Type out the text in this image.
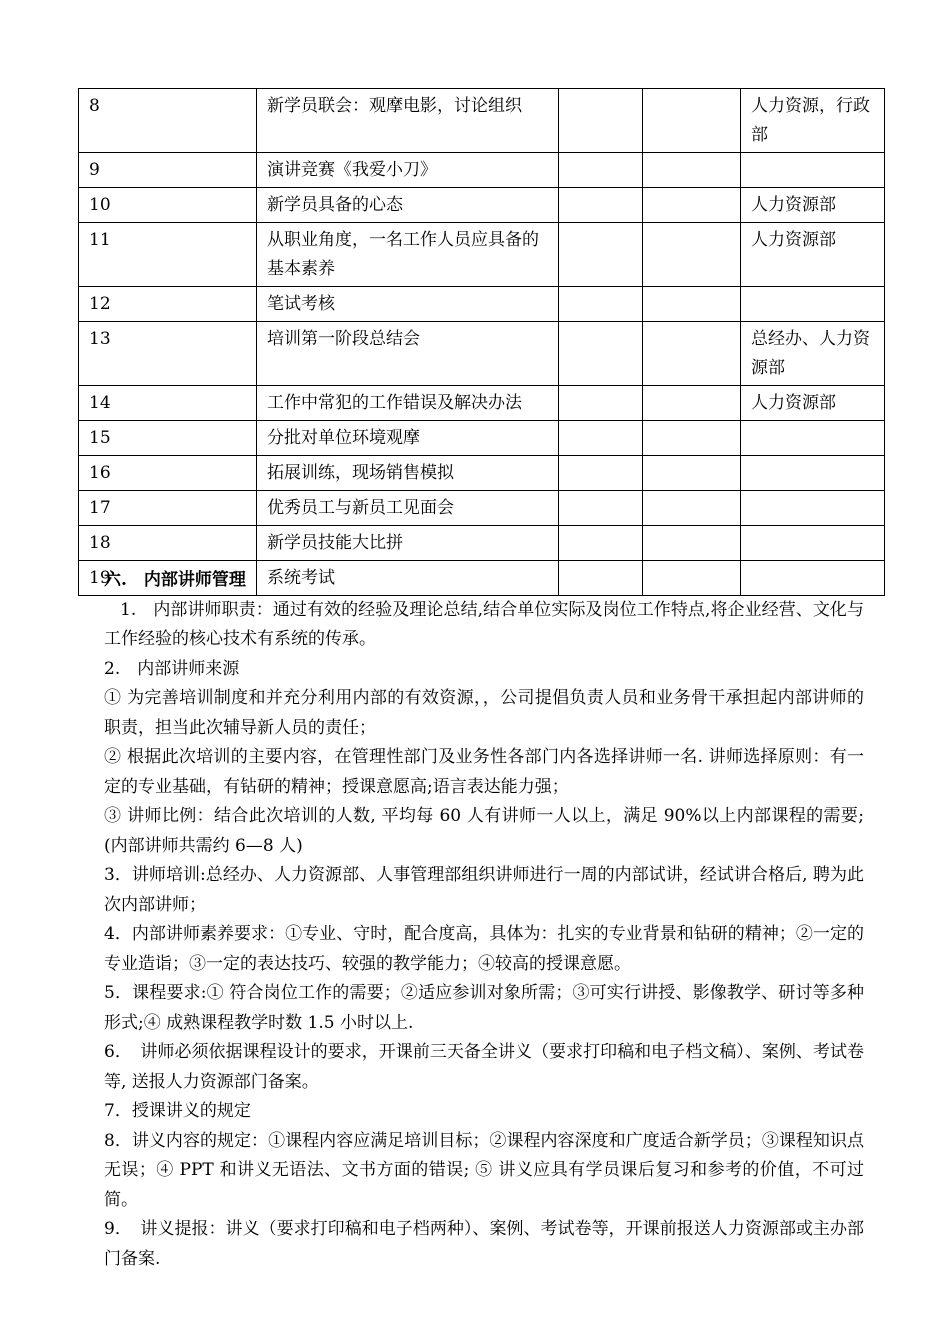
8	新学员联会：观摩电影，讨论组织			人力资源，行政部
9	演讲竞赛《我爱小刀》			
10	新学员具备的心态			人力资源部
11	从职业角度，一名工作人员应具备的基本素养			人力资源部
12	笔试考核			
13	培训第一阶段总结会			总经办、人力资源部
14	工作中常犯的工作错误及解决办法			人力资源部
15	分批对单位环境观摩			
16	拓展训练，现场销售模拟			
17	优秀员工与新员工见面会			
18	新学员技能大比拼			
19	系统考试			

六.　内部讲师管理

1.　内部讲师职责：通过有效的经验及理论总结,结合单位实际及岗位工作特点,将企业经营、文化与工作经验的核心技术有系统的传承。

2.　内部讲师来源

① 为完善培训制度和并充分利用内部的有效资源，，公司提倡负责人员和业务骨干承担起内部讲师的职责，担当此次辅导新人员的责任；

② 根据此次培训的主要内容，在管理性部门及业务性各部门内各选择讲师一名. 讲师选择原则：有一定的专业基础，有钻研的精神；授课意愿高;语言表达能力强；

③ 讲师比例：结合此次培训的人数, 平均每 60 人有讲师一人以上，满足 90%以上内部课程的需要;(内部讲师共需约 6—8 人)

3．讲师培训:总经办、人力资源部、人事管理部组织讲师进行一周的内部试讲，经试讲合格后, 聘为此次内部讲师；

4．内部讲师素养要求：①专业、守时，配合度高，具体为：扎实的专业背景和钻研的精神；②一定的专业造诣；③一定的表达技巧、较强的教学能力；④较高的授课意愿。

5．课程要求:① 符合岗位工作的需要；②适应参训对象所需；③可实行讲授、影像教学、研讨等多种形式;④ 成熟课程教学时数 1.5 小时以上.

6．　讲师必须依据课程设计的要求，开课前三天备全讲义（要求打印稿和电子档文稿）、案例、考试卷等, 送报人力资源部门备案。

7．授课讲义的规定

8．讲义内容的规定：①课程内容应满足培训目标；②课程内容深度和广度适合新学员；③课程知识点无误；④ PPT 和讲义无语法、文书方面的错误; ⑤ 讲义应具有学员课后复习和参考的价值，不可过简。

9．　讲义提报：讲义（要求打印稿和电子档两种）、案例、考试卷等，开课前报送人力资源部或主办部门备案.
